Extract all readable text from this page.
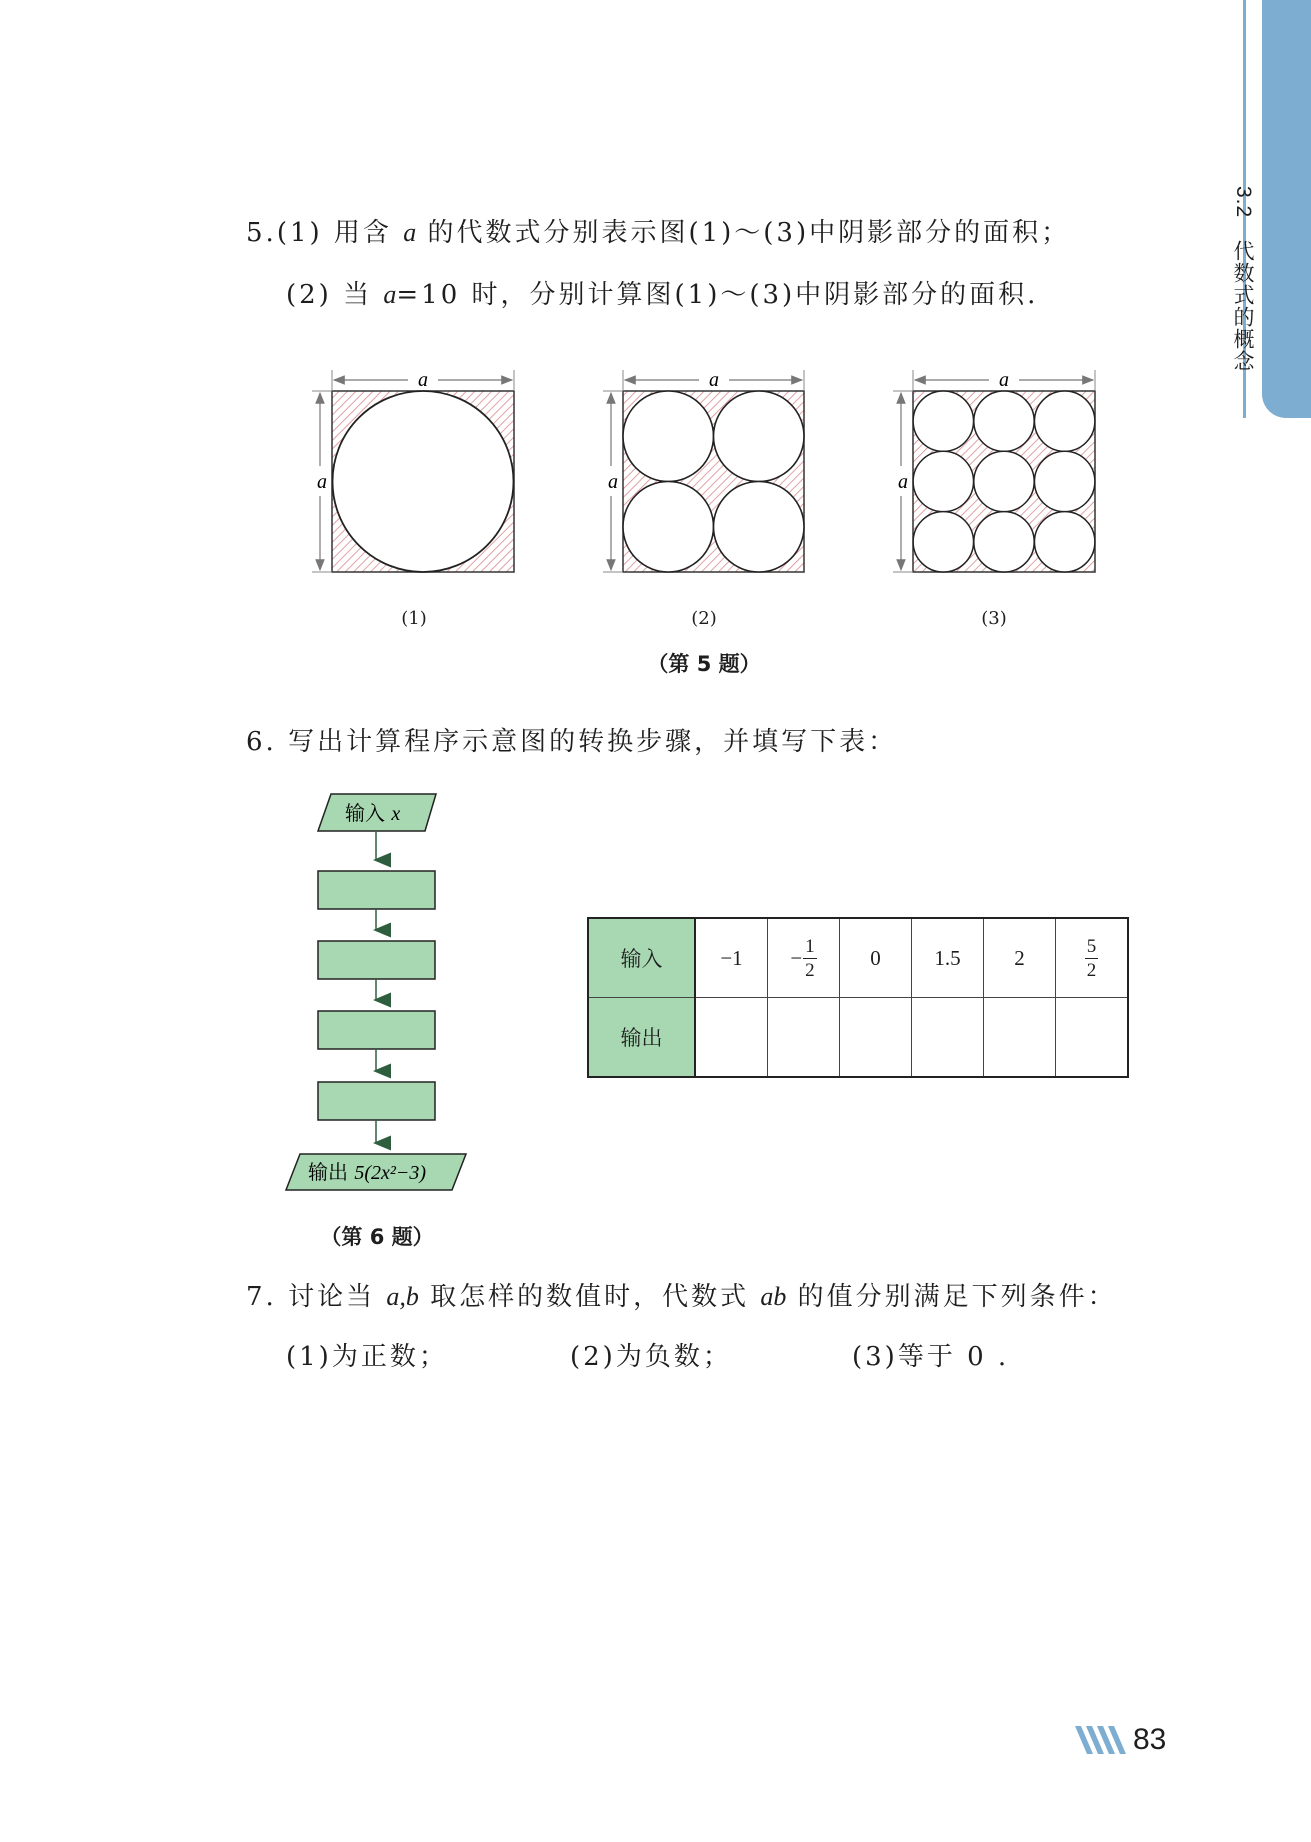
3.2代数式的概念
5.(1) 用含 a 的代数式分别表示图(1)～(3)中阴影部分的面积；
(2) 当 a=10 时，分别计算图(1)～(3)中阴影部分的面积.
a
a
a
a
a
a
输入 x
输出 5(2x²−3)
(1)	(2)	(3)
（第 5 题）
6. 写出计算程序示意图的转换步骤，并填写下表：
输入	−1	− $\frac{1}{2}$	0	1.5	2	$\frac{5}{2}$

输出						
（第 6 题）
7. 讨论当 a,b 取怎样的数值时，代数式 ab 的值分别满足下列条件：
(1)为正数；	(2)为负数；	(3)等于 0 .
83
